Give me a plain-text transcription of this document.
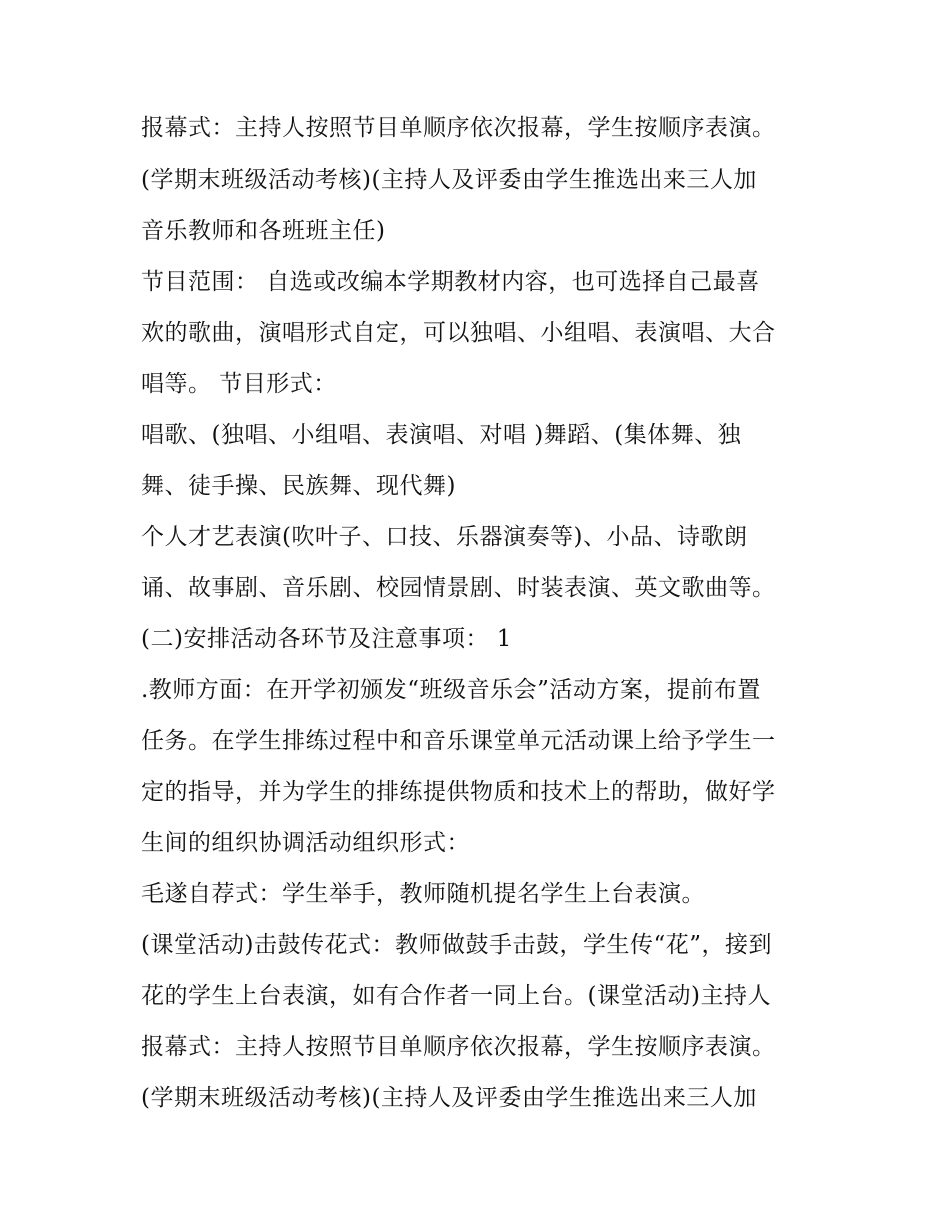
报幕式：主持人按照节目单顺序依次报幕，学生按顺序表演。
(学期末班级活动考核)(主持人及评委由学生推选出来三人加
音乐教师和各班班主任)
节目范围： 自选或改编本学期教材内容，也可选择自己最喜
欢的歌曲，演唱形式自定，可以独唱、小组唱、表演唱、大合
唱等。 节目形式：
唱歌、(独唱、小组唱、表演唱、对唱 )舞蹈、(集体舞、独
舞、徒手操、民族舞、现代舞)
个人才艺表演(吹叶子、口技、乐器演奏等)、小品、诗歌朗
诵、故事剧、音乐剧、校园情景剧、时装表演、英文歌曲等。
(二)安排活动各环节及注意事项： 1
.教师方面：在开学初颁发“班级音乐会”活动方案，提前布置
任务。在学生排练过程中和音乐课堂单元活动课上给予学生一
定的指导，并为学生的排练提供物质和技术上的帮助，做好学
生间的组织协调活动组织形式：
毛遂自荐式：学生举手，教师随机提名学生上台表演。
(课堂活动)击鼓传花式：教师做鼓手击鼓，学生传“花”，接到
花的学生上台表演，如有合作者一同上台。(课堂活动)主持人
报幕式：主持人按照节目单顺序依次报幕，学生按顺序表演。
(学期末班级活动考核)(主持人及评委由学生推选出来三人加
